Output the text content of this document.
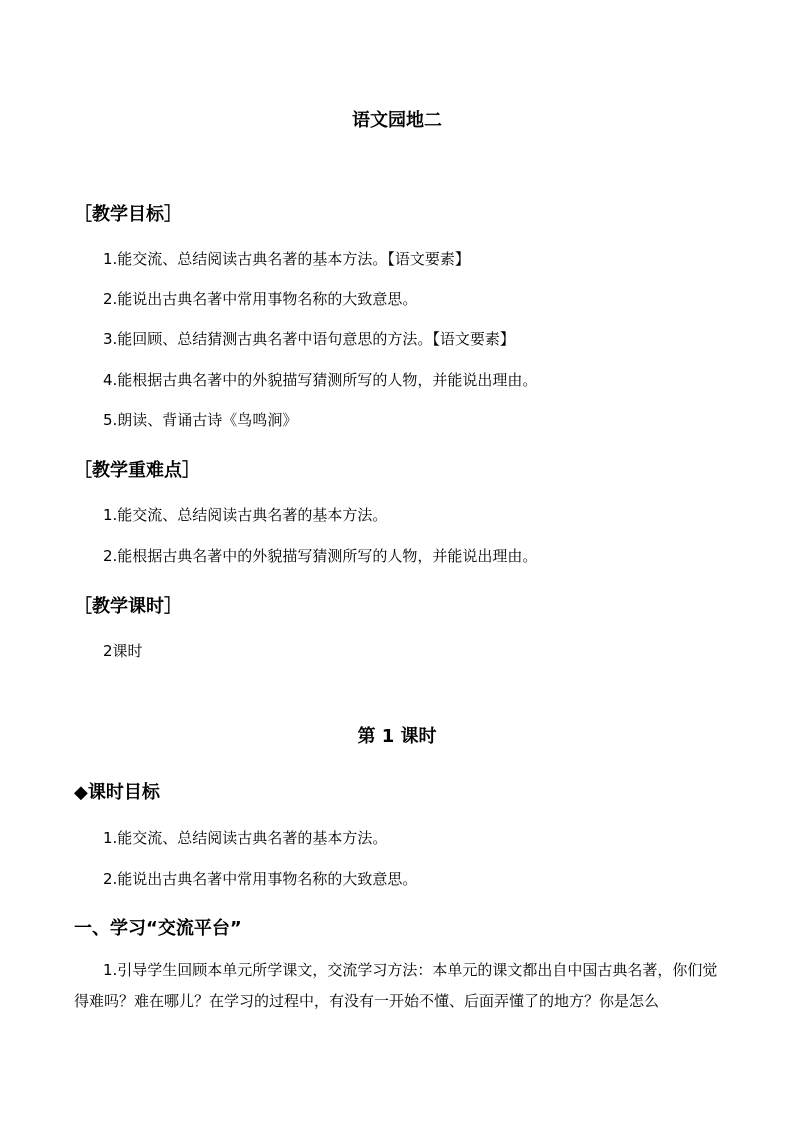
语文园地二
［教学目标］
1.能交流、总结阅读古典名著的基本方法。【语文要素】
2.能说出古典名著中常用事物名称的大致意思。
3.能回顾、总结猜测古典名著中语句意思的方法。【语文要素】
4.能根据古典名著中的外貌描写猜测所写的人物，并能说出理由。
5.朗读、背诵古诗《鸟鸣涧》
［教学重难点］
1.能交流、总结阅读古典名著的基本方法。
2.能根据古典名著中的外貌描写猜测所写的人物，并能说出理由。
［教学课时］
2课时
第 1 课时
◆课时目标
1.能交流、总结阅读古典名著的基本方法。
2.能说出古典名著中常用事物名称的大致意思。
一、学习“交流平台”
1.引导学生回顾本单元所学课文，交流学习方法：本单元的课文都出自中国古典名著，你们觉得难吗？难在哪儿？在学习的过程中，有没有一开始不懂、后面弄懂了的地方？你是怎么
